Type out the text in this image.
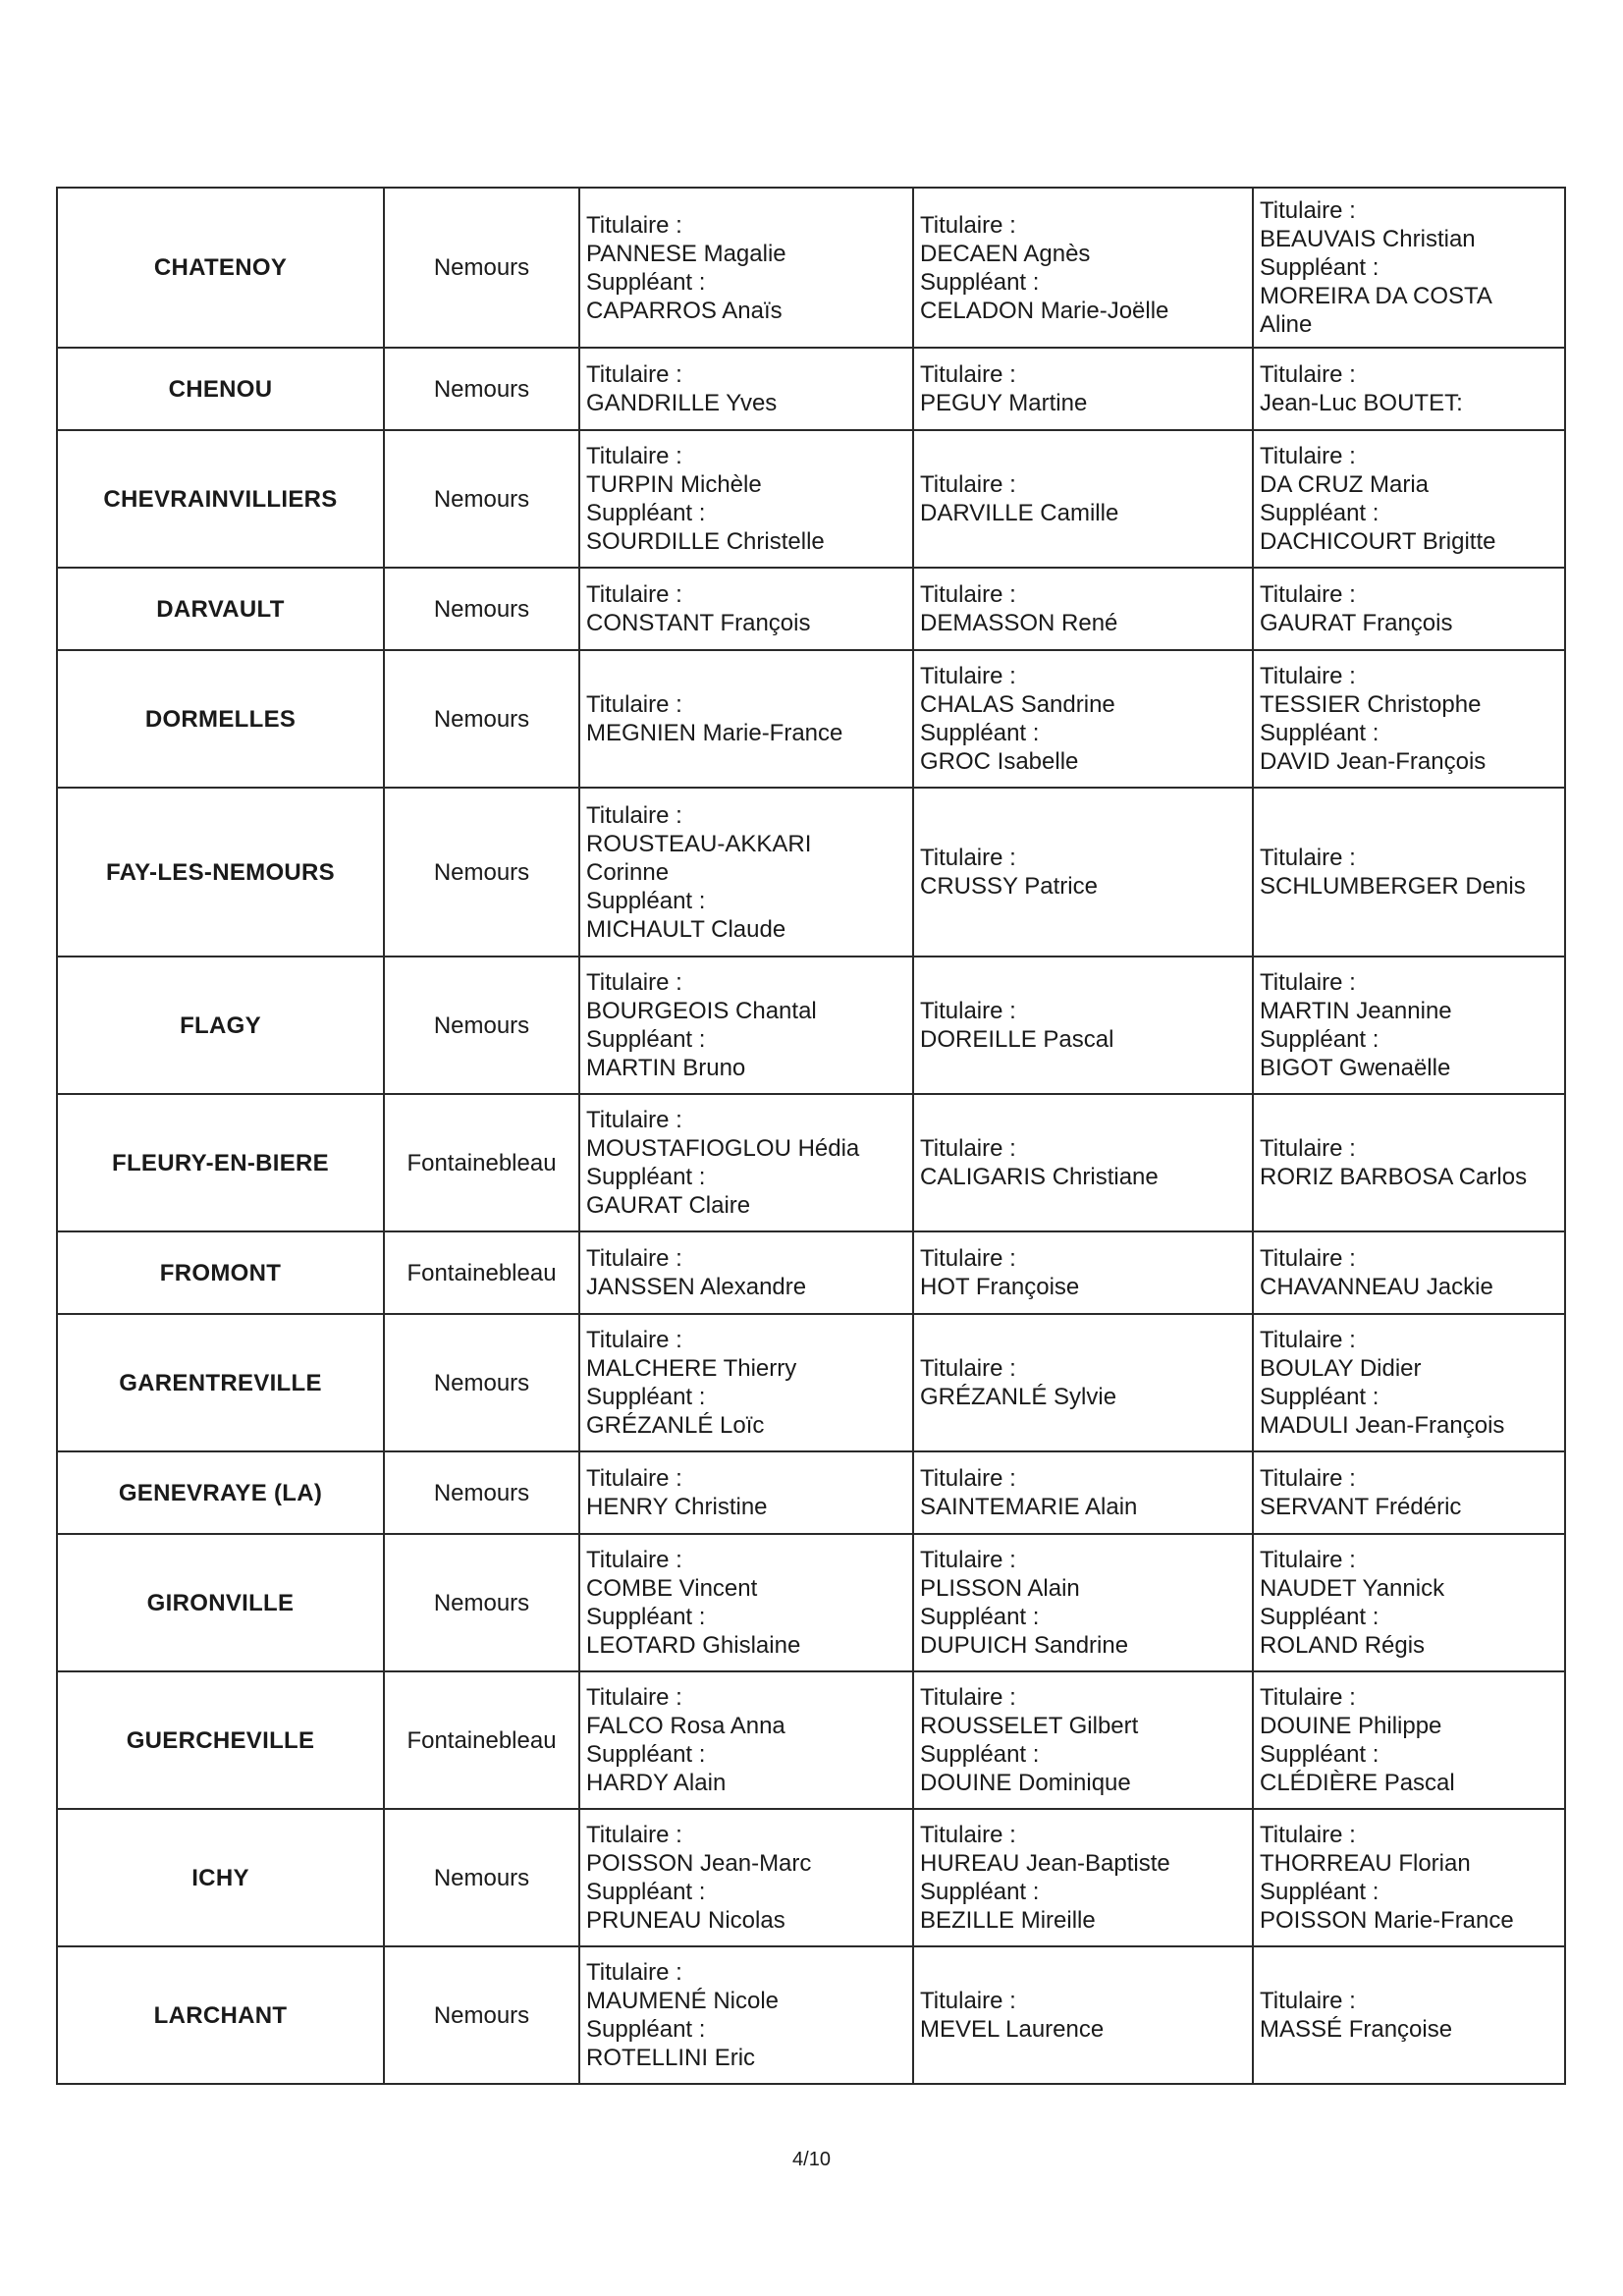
CHATENOY	Nemours	Titulaire :
PANNESE Magalie
Suppléant :
CAPARROS Anaïs	Titulaire :
DECAEN Agnès
Suppléant :
CELADON Marie-Joëlle	Titulaire :
BEAUVAIS Christian
Suppléant :
MOREIRA DA COSTA
Aline

CHENOU	Nemours	Titulaire :
GANDRILLE Yves	Titulaire :
PEGUY Martine	Titulaire :
Jean-Luc BOUTET:

CHEVRAINVILLIERS	Nemours	Titulaire :
TURPIN Michèle
Suppléant :
SOURDILLE Christelle	Titulaire :
DARVILLE Camille	Titulaire :
DA CRUZ Maria
Suppléant :
DACHICOURT Brigitte

DARVAULT	Nemours	Titulaire :
CONSTANT François	Titulaire :
DEMASSON René	Titulaire :
GAURAT François

DORMELLES	Nemours	Titulaire :
MEGNIEN Marie-France	Titulaire :
CHALAS Sandrine
Suppléant :
GROC Isabelle	Titulaire :
TESSIER Christophe
Suppléant :
DAVID Jean-François

FAY-LES-NEMOURS	Nemours	Titulaire :
ROUSTEAU-AKKARI
Corinne
Suppléant :
MICHAULT Claude	Titulaire :
CRUSSY Patrice	Titulaire :
SCHLUMBERGER Denis

FLAGY	Nemours	Titulaire :
BOURGEOIS Chantal
Suppléant :
MARTIN Bruno	Titulaire :
DOREILLE Pascal	Titulaire :
MARTIN Jeannine
Suppléant :
BIGOT Gwenaëlle

FLEURY-EN-BIERE	Fontainebleau	Titulaire :
MOUSTAFIOGLOU Hédia
Suppléant :
GAURAT Claire	Titulaire :
CALIGARIS Christiane	Titulaire :
RORIZ BARBOSA Carlos

FROMONT	Fontainebleau	Titulaire :
JANSSEN Alexandre	Titulaire :
HOT Françoise	Titulaire :
CHAVANNEAU Jackie

GARENTREVILLE	Nemours	Titulaire :
MALCHERE Thierry
Suppléant :
GRÉZANLÉ Loïc	Titulaire :
GRÉZANLÉ Sylvie	Titulaire :
BOULAY Didier
Suppléant :
MADULI Jean-François

GENEVRAYE (LA)	Nemours	Titulaire :
HENRY Christine	Titulaire :
SAINTEMARIE Alain	Titulaire :
SERVANT Frédéric

GIRONVILLE	Nemours	Titulaire :
COMBE Vincent
Suppléant :
LEOTARD Ghislaine	Titulaire :
PLISSON Alain
Suppléant :
DUPUICH Sandrine	Titulaire :
NAUDET Yannick
Suppléant :
ROLAND Régis

GUERCHEVILLE	Fontainebleau	Titulaire :
FALCO Rosa Anna
Suppléant :
HARDY Alain	Titulaire :
ROUSSELET Gilbert
Suppléant :
DOUINE Dominique	Titulaire :
DOUINE Philippe
Suppléant :
CLÉDIÈRE Pascal

ICHY	Nemours	Titulaire :
POISSON Jean-Marc
Suppléant :
PRUNEAU Nicolas	Titulaire :
HUREAU Jean-Baptiste
Suppléant :
BEZILLE Mireille	Titulaire :
THORREAU Florian
Suppléant :
POISSON Marie-France

LARCHANT	Nemours	Titulaire :
MAUMENÉ Nicole
Suppléant :
ROTELLINI Eric	Titulaire :
MEVEL Laurence	Titulaire :
MASSÉ Françoise
4/10
